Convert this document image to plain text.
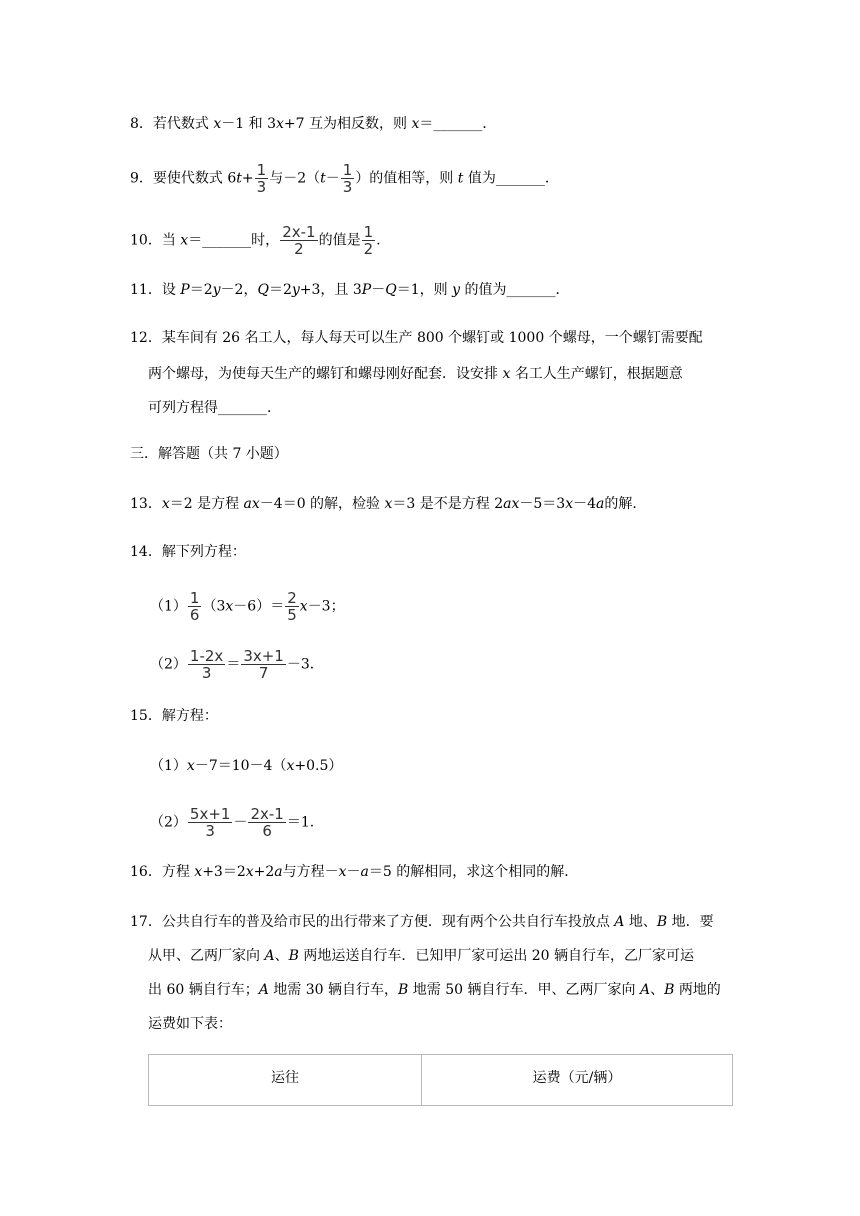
8．若代数式 x－1 和 3x+7 互为相反数，则 x＝_______．
9．要使代数式 $6t+ \frac{1}{3}$ 与$-2(t- \frac{1}{3}$ ）的值相等，则 t 值为_______．
10．当 x＝_______时， $\frac{2x-1}{2}$ 的值是 $\frac{1}{2}$ .
11．设 P＝2y－2，Q＝2y+3，且 3P－Q＝1，则 y 的值为_______．
12．某车间有 26 名工人，每人每天可以生产 800 个螺钉或 1000 个螺母，一个螺钉需要配
两个螺母，为使每天生产的螺钉和螺母刚好配套．设安排 x 名工人生产螺钉，根据题意
可列方程得_______．
三．解答题（共 7 小题）
13．x＝2 是方程 ax－4＝0 的解，检验 x＝3 是不是方程 2ax－5＝3x－4a的解．
14．解下列方程：
$(1) \frac{1}{6} (3x-6)= \frac{2}{5} x-3$；
$(2) \frac{1-2x}{3} = \frac{3x+1}{7} -3$．
15．解方程：
（1）x－7＝10－4（x+0.5）
$(2) \frac{5x+1}{3} - \frac{2x-1}{6} =1$.
16．方程 x+3＝2x+2a与方程－x－a＝5 的解相同，求这个相同的解．
17．公共自行车的普及给市民的出行带来了方便．现有两个公共自行车投放点 A 地、B 地．要
从甲、乙两厂家向 A、B 两地运送自行车．已知甲厂家可运出 20 辆自行车，乙厂家可运
出 60 辆自行车；A 地需 30 辆自行车，B 地需 50 辆自行车．甲、乙两厂家向 A、B 两地的
运费如下表：
运往	运费（元/辆）
